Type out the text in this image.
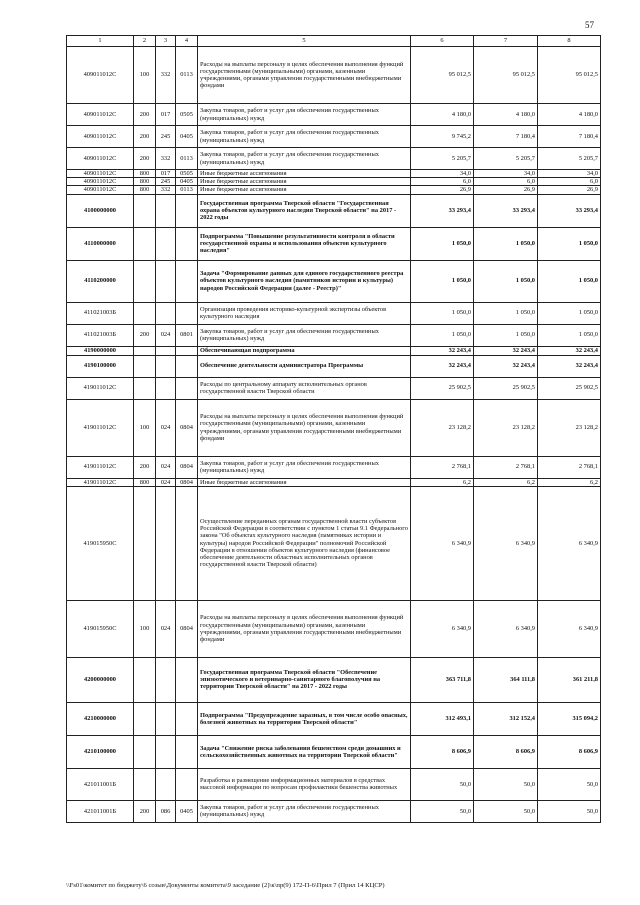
57
1	2	3	4	5	6	7	8
409011012С	100	332	0113	Расходы на выплаты персоналу в целях обеспечения выполнения функций государственными (муниципальными) органами, казенными учреждениями, органами управления государственными внебюджетными фондами	95 012,5	95 012,5	95 012,5
409011012С	200	017	0505	Закупка товаров, работ и услуг для обеспечения государственных (муниципальных) нужд	4 180,0	4 180,0	4 180,0
409011012С	200	245	0405	Закупка товаров, работ и услуг для обеспечения государственных (муниципальных) нужд	9 745,2	7 180,4	7 180,4
409011012С	200	332	0113	Закупка товаров, работ и услуг для обеспечения государственных (муниципальных) нужд	5 205,7	5 205,7	5 205,7
409011012С	800	017	0505	Иные бюджетные ассигнования	34,0	34,0	34,0
409011012С	800	245	0405	Иные бюджетные ассигнования	6,0	6,0	6,0
409011012С	800	332	0113	Иные бюджетные ассигнования	26,9	26,9	26,9
4100000000				Государственная программа Тверской области "Государственная охрана объектов культурного наследия Тверской области" на 2017 - 2022 годы	33 293,4	33 293,4	33 293,4
4110000000				Подпрограмма "Повышение результативности контроля в области государственной охраны и использования объектов культурного наследия"	1 050,0	1 050,0	1 050,0
4110200000				Задача "Формирование данных для единого государственного реестра объектов культурного наследия (памятников истории и культуры) народов Российской Федерации (далее - Реестр)"	1 050,0	1 050,0	1 050,0
411021003Б				Организация проведения историко-культурной экспертизы объектов культурного наследия	1 050,0	1 050,0	1 050,0
411021003Б	200	024	0801	Закупка товаров, работ и услуг для обеспечения государственных (муниципальных) нужд	1 050,0	1 050,0	1 050,0
4190000000				Обеспечивающая подпрограмма	32 243,4	32 243,4	32 243,4
4190100000				Обеспечение деятельности администратора Программы	32 243,4	32 243,4	32 243,4
419011012С				Расходы по центральному аппарату исполнительных органов государственной власти Тверской области	25 902,5	25 902,5	25 902,5
419011012С	100	024	0804	Расходы на выплаты персоналу в целях обеспечения выполнения функций государственными (муниципальными) органами, казенными учреждениями, органами управления государственными внебюджетными фондами	23 128,2	23 128,2	23 128,2
419011012С	200	024	0804	Закупка товаров, работ и услуг для обеспечения государственных (муниципальных) нужд	2 768,1	2 768,1	2 768,1
419011012С	800	024	0804	Иные бюджетные ассигнования	6,2	6,2	6,2
419015950С				Осуществление переданных органам государственной власти субъектов Российской Федерации в соответствии с пунктом 1 статьи 9.1 Федерального закона "Об объектах культурного наследия (памятниках истории и культуры) народов Российской Федерации" полномочий Российской Федерации в отношении объектов культурного наследия (финансовое обеспечение деятельности областных исполнительных органов государственной власти Тверской области)	6 340,9	6 340,9	6 340,9
419015950С	100	024	0804	Расходы на выплаты персоналу в целях обеспечения выполнения функций государственными (муниципальными) органами, казенными учреждениями, органами управления государственными внебюджетными фондами	6 340,9	6 340,9	6 340,9
4200000000				Государственная программа Тверской области "Обеспечение эпизоотического и ветеринарно-санитарного благополучия на территории Тверской области" на 2017 - 2022 годы	363 711,8	364 111,8	361 211,8
4210000000				Подпрограмма "Предупреждение заразных, в том числе особо опасных, болезней животных на территории Тверской области"	312 493,1	312 152,4	315 094,2
4210100000				Задача "Снижение риска заболевания бешенством среди домашних и сельскохозяйственных животных на территории Тверской области"	8 606,9	8 606,9	8 606,9
421011001Б				Разработка и размещение информационных материалов в средствах массовой информации по вопросам профилактики бешенства животных	50,0	50,0	50,0
421011001Б	200	086	0405	Закупка товаров, работ и услуг для обеспечения государственных (муниципальных) нужд	50,0	50,0	50,0
\\Fs01\комитет по бюджету\6 созыв\Документы комитета\9 заседание (2)\к\пр(9) 172-П-6\Прил 7 (Прил 14 КЦСР)
